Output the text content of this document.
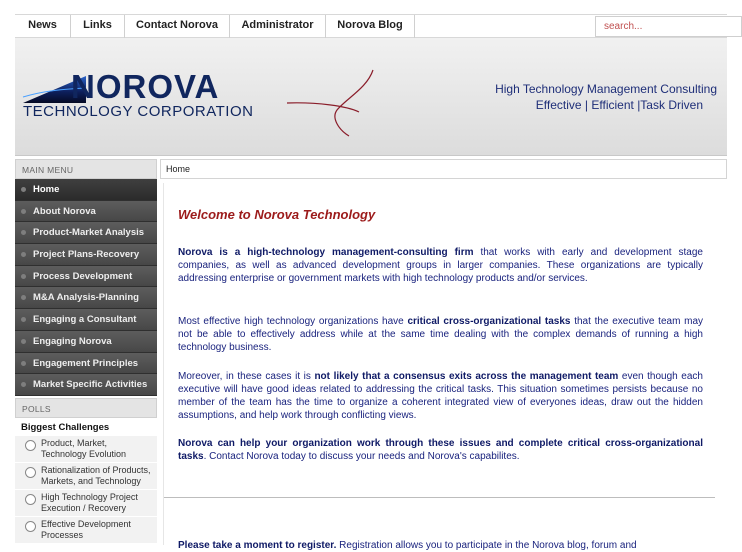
News	Links	Contact Norova	Administrator	Norova Blog	search...
NOROVA
TECHNOLOGY CORPORATION
High Technology Management Consulting
Effective | Efficient |Task Driven
MAIN MENU
Home
About Norova
Product-Market Analysis
Project Plans-Recovery
Process Development
M&A Analysis-Planning
Engaging a Consultant
Engaging Norova
Engagement Principles
Market Specific Activities
POLLS
Biggest Challenges
Product, Market, Technology Evolution
Rationalization of Products, Markets, and Technology
High Technology Project Execution / Recovery
Effective Development Processes
Home
Welcome to Norova Technology
Norova is a high-technology management-consulting firm that works with early and development stage companies, as well as advanced development groups in larger companies. These organizations are typically addressing enterprise or government markets with high technology products and/or services.
Most effective high technology organizations have critical cross-organizational tasks that the executive team may not be able to effectively address while at the same time dealing with the complex demands of running a high technology business.
Moreover, in these cases it is not likely that a consensus exits across the management team even though each executive will have good ideas related to addressing the critical tasks. This situation sometimes persists because no member of the team has the time to organize a coherent integrated view of everyones ideas, draw out the hidden assumptions, and help work through conflicting views.
Norova can help your organization work through these issues and complete critical cross-organizational tasks. Contact Norova today to discuss your needs and Norova's capabilites.
Please take a moment to register. Registration allows you to participate in the Norova blog, forum and
